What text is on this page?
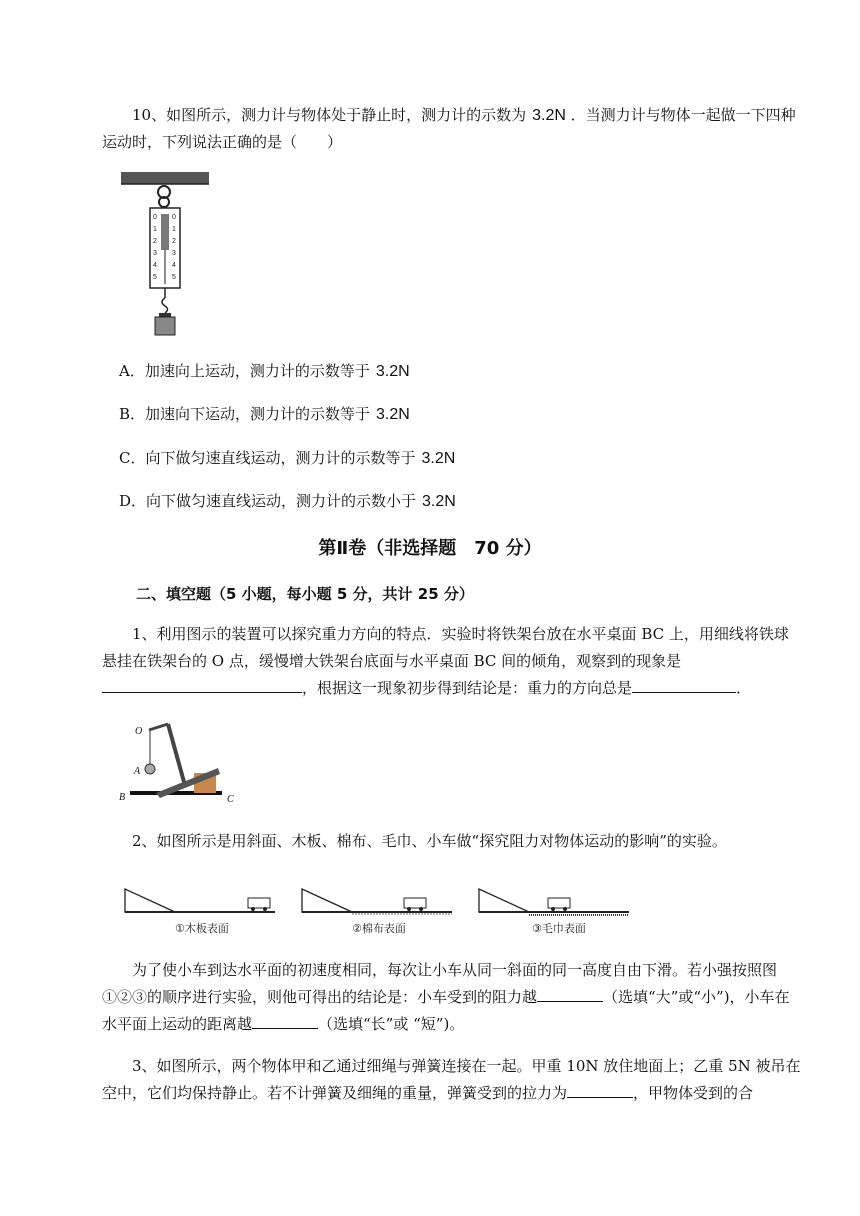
10、如图所示，测力计与物体处于静止时，测力计的示数为 3.2N ．当测力计与物体一起做一下四种运动时，下列说法正确的是（　　）
0
1
2
3
4
5
0
1
2
3
4
5
A．加速向上运动，测力计的示数等于 3.2N
B．加速向下运动，测力计的示数等于 3.2N
C．向下做匀速直线运动，测力计的示数等于 3.2N
D．向下做匀速直线运动，测力计的示数小于 3.2N
第Ⅱ卷（非选择题　70 分）
二、填空题（5 小题，每小题 5 分，共计 25 分）
1、利用图示的装置可以探究重力方向的特点．实验时将铁架台放在水平桌面 BC 上，用细线将铁球悬挂在铁架台的 O 点，缓慢增大铁架台底面与水平桌面 BC 间的倾角，观察到的现象是，根据这一现象初步得到结论是：重力的方向总是	．
O
A
B	C
2、如图所示是用斜面、木板、棉布、毛巾、小车做“探究阻力对物体运动的影响”的实验。
①木板表面	②棉布表面	③毛巾表面
为了使小车到达水平面的初速度相同，每次让小车从同一斜面的同一高度自由下滑。若小强按照图①②③的顺序进行实验，则他可得出的结论是：小车受到的阻力越	（选填“大”或“小”)，小车在水平面上运动的距离越	（选填“长”或 “短”)。
3、如图所示，两个物体甲和乙通过细绳与弹簧连接在一起。甲重 10N 放住地面上；乙重 5N 被吊在空中，它们均保持静止。若不计弹簧及细绳的重量，弹簧受到的拉力为	，甲物体受到的合
